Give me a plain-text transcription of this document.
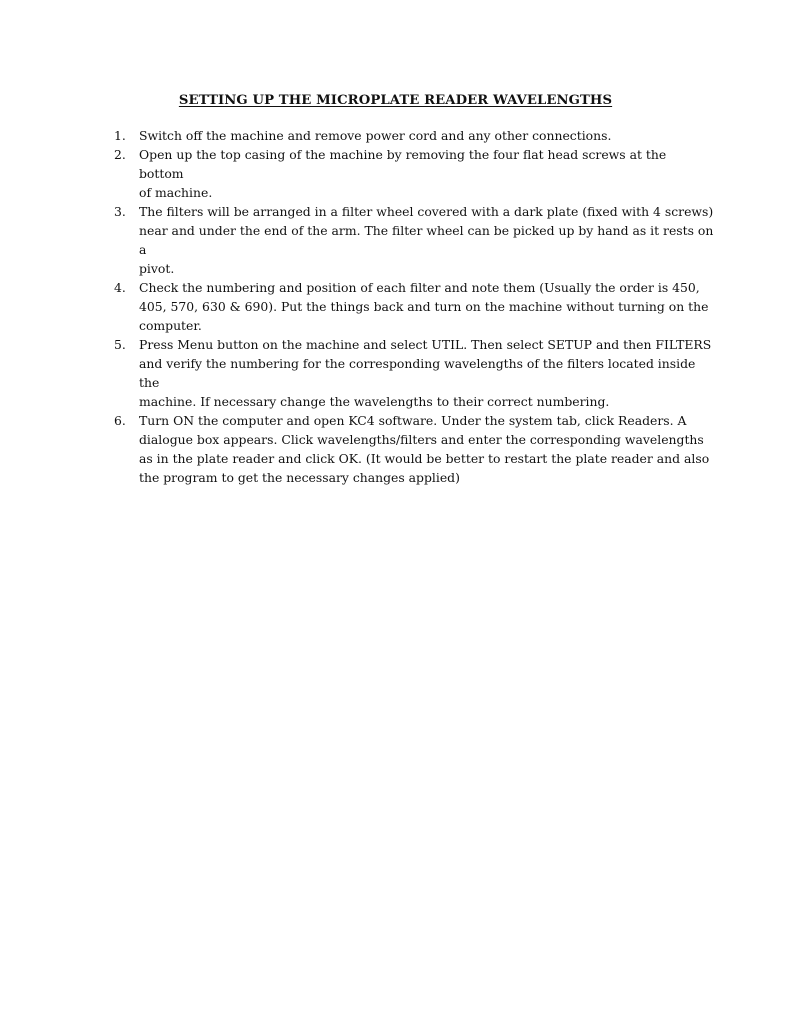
SETTING UP THE MICROPLATE READER WAVELENGTHS
1. Switch off the machine and remove power cord and any other connections.
2. Open up the top casing of the machine by removing the four flat head screws at the bottom
of machine.
3. The filters will be arranged in a filter wheel covered with a dark plate (fixed with 4 screws)
near and under the end of the arm. The filter wheel can be picked up by hand as it rests on a
pivot.
4. Check the numbering and position of each filter and note them (Usually the order is 450,
405, 570, 630 & 690). Put the things back and turn on the machine without turning on the
computer.
5. Press Menu button on the machine and select UTIL. Then select SETUP and then FILTERS
and verify the numbering for the corresponding wavelengths of the filters located inside the
machine. If necessary change the wavelengths to their correct numbering.
6. Turn ON the computer and open KC4 software. Under the system tab, click Readers. A
dialogue box appears. Click wavelengths/filters and enter the corresponding wavelengths
as in the plate reader and click OK. (It would be better to restart the plate reader and also
the program to get the necessary changes applied)
